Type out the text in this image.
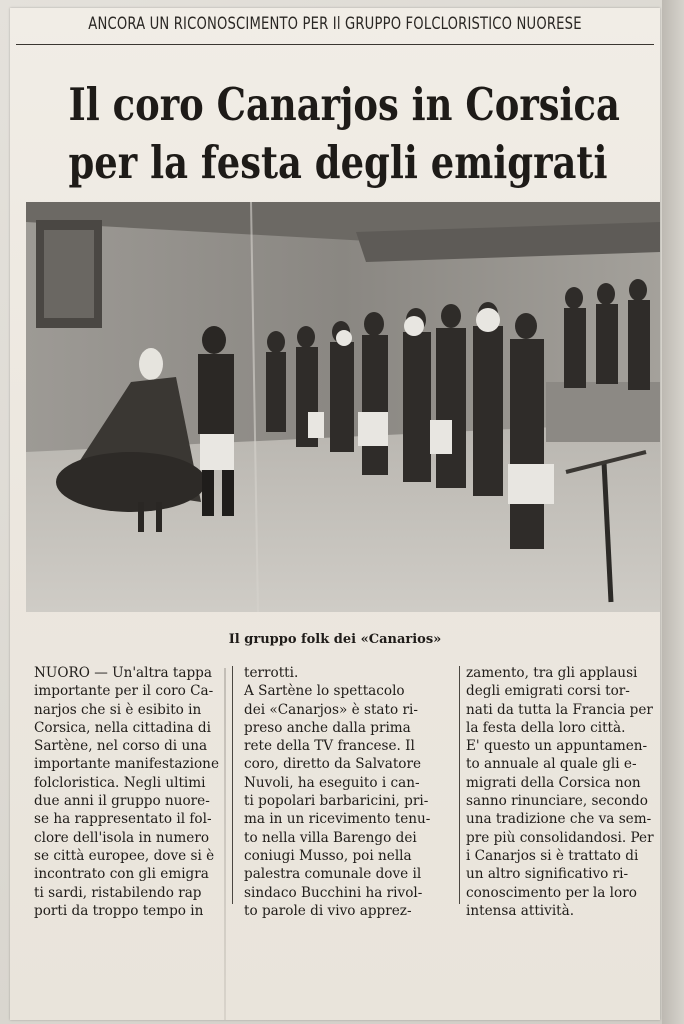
ANCORA UN RICONOSCIMENTO PER Il GRUPPO FOLCLORISTICO NUORESE
Il coro Canarjos in Corsica
per la festa degli emigrati
Il gruppo folk dei «Canarios»
NUORO — Un'altra tappa
importante per il coro Ca-
narjos che si è esibito in
Corsica, nella cittadina di
Sartène, nel corso di una
importante manifestazione
folcloristica. Negli ultimi
due anni il gruppo nuore-
se ha rappresentato il fol-
clore dell'isola in numero
se città europee, dove si è
incontrato con gli emigra
ti sardi, ristabilendo rap
porti da troppo tempo in
terrotti.
A Sartène lo spettacolo
dei «Canarjos» è stato ri-
preso anche dalla prima
rete della TV francese. Il
coro, diretto da Salvatore
Nuvoli, ha eseguito i can-
ti popolari barbaricini, pri-
ma in un ricevimento tenu-
to nella villa Barengo dei
coniugi Musso, poi nella
palestra comunale dove il
sindaco Bucchini ha rivol-
to parole di vivo apprez-
zamento, tra gli applausi
degli emigrati corsi tor-
nati da tutta la Francia per
la festa della loro città.
E' questo un appuntamen-
to annuale al quale gli e-
migrati della Corsica non
sanno rinunciare, secondo
una tradizione che va sem-
pre più consolidandosi. Per
i Canarjos si è trattato di
un altro significativo ri-
conoscimento per la loro
intensa attività.
